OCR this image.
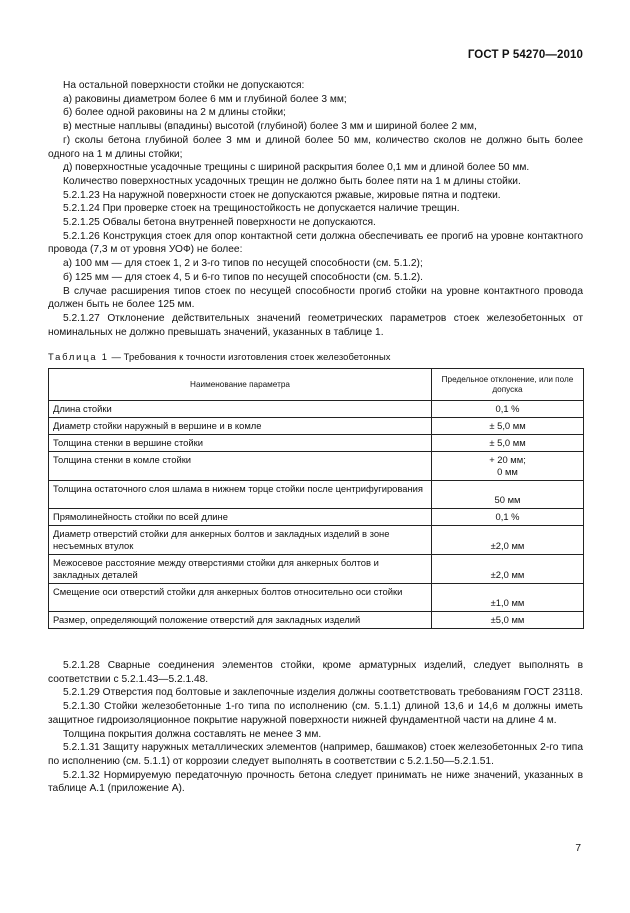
ГОСТ Р 54270—2010

На остальной поверхности стойки не допускаются:

а) раковины диаметром более 6 мм и глубиной более 3 мм;

б) более одной раковины на 2 м длины стойки;

в) местные наплывы (впадины) высотой (глубиной) более 3 мм и шириной более 2 мм,

г) сколы бетона глубиной более 3 мм и длиной более 50 мм, количество сколов не должно быть более одного на 1 м длины стойки;

д) поверхностные усадочные трещины с шириной раскрытия более 0,1 мм и длиной более 50 мм.

Количество поверхностных усадочных трещин не должно быть более пяти на 1 м длины стойки.

5.2.1.23 На наружной поверхности стоек не допускаются ржавые, жировые пятна и подтеки.

5.2.1.24 При проверке стоек на трещиностойкость не допускается наличие трещин.

5.2.1.25 Обвалы бетона внутренней поверхности не допускаются.

5.2.1.26 Конструкция стоек для опор контактной сети должна обеспечивать ее прогиб на уровне контактного провода (7,3 м от уровня УОФ) не более:

а) 100 мм — для стоек 1, 2 и 3-го типов по несущей способности (см. 5.1.2);

б) 125 мм — для стоек 4, 5 и 6-го типов по несущей способности (см. 5.1.2).

В случае расширения типов стоек по несущей способности прогиб стойки на уровне контактного провода должен быть не более 125 мм.

5.2.1.27 Отклонение действительных значений геометрических параметров стоек железобетонных от номинальных не должно превышать значений, указанных в таблице 1.

Таблица 1 — Требования к точности изготовления стоек железобетонных
Наименование параметра	Предельное отклонение, или поле допуска
Длина стойки	0,1 %
Диаметр стойки наружный в вершине и в комле	± 5,0 мм
Толщина стенки в вершине стойки	± 5,0 мм
Толщина стенки в комле стойки	+ 20 мм;
0 мм
Толщина остаточного слоя шлама в нижнем торце стойки после центрифугирования	50 мм
Прямолинейность стойки по всей длине	0,1 %
Диаметр отверстий стойки для анкерных болтов и закладных изделий в зоне несъемных втулок	±2,0 мм
Межосевое расстояние между отверстиями стойки для анкерных болтов и закладных деталей	±2,0 мм
Смещение оси отверстий стойки для анкерных болтов относительно оси стойки	±1,0 мм
Размер, определяющий положение отверстий для закладных изделий	±5,0 мм

5.2.1.28 Сварные соединения элементов стойки, кроме арматурных изделий, следует выполнять в соответствии с 5.2.1.43—5.2.1.48.

5.2.1.29 Отверстия под болтовые и заклепочные изделия должны соответствовать требованиям ГОСТ 23118.

5.2.1.30 Стойки железобетонные 1-го типа по исполнению (см. 5.1.1) длиной 13,6 и 14,6 м должны иметь защитное гидроизоляционное покрытие наружной поверхности нижней фундаментной части на длине 4 м.

Толщина покрытия должна составлять не менее 3 мм.

5.2.1.31 Защиту наружных металлических элементов (например, башмаков) стоек железобетонных 2-го типа по исполнению (см. 5.1.1) от коррозии следует выполнять в соответствии с 5.2.1.50—5.2.1.51.

5.2.1.32 Нормируемую передаточную прочность бетона следует принимать не ниже значений, указанных в таблице А.1 (приложение А).

7
